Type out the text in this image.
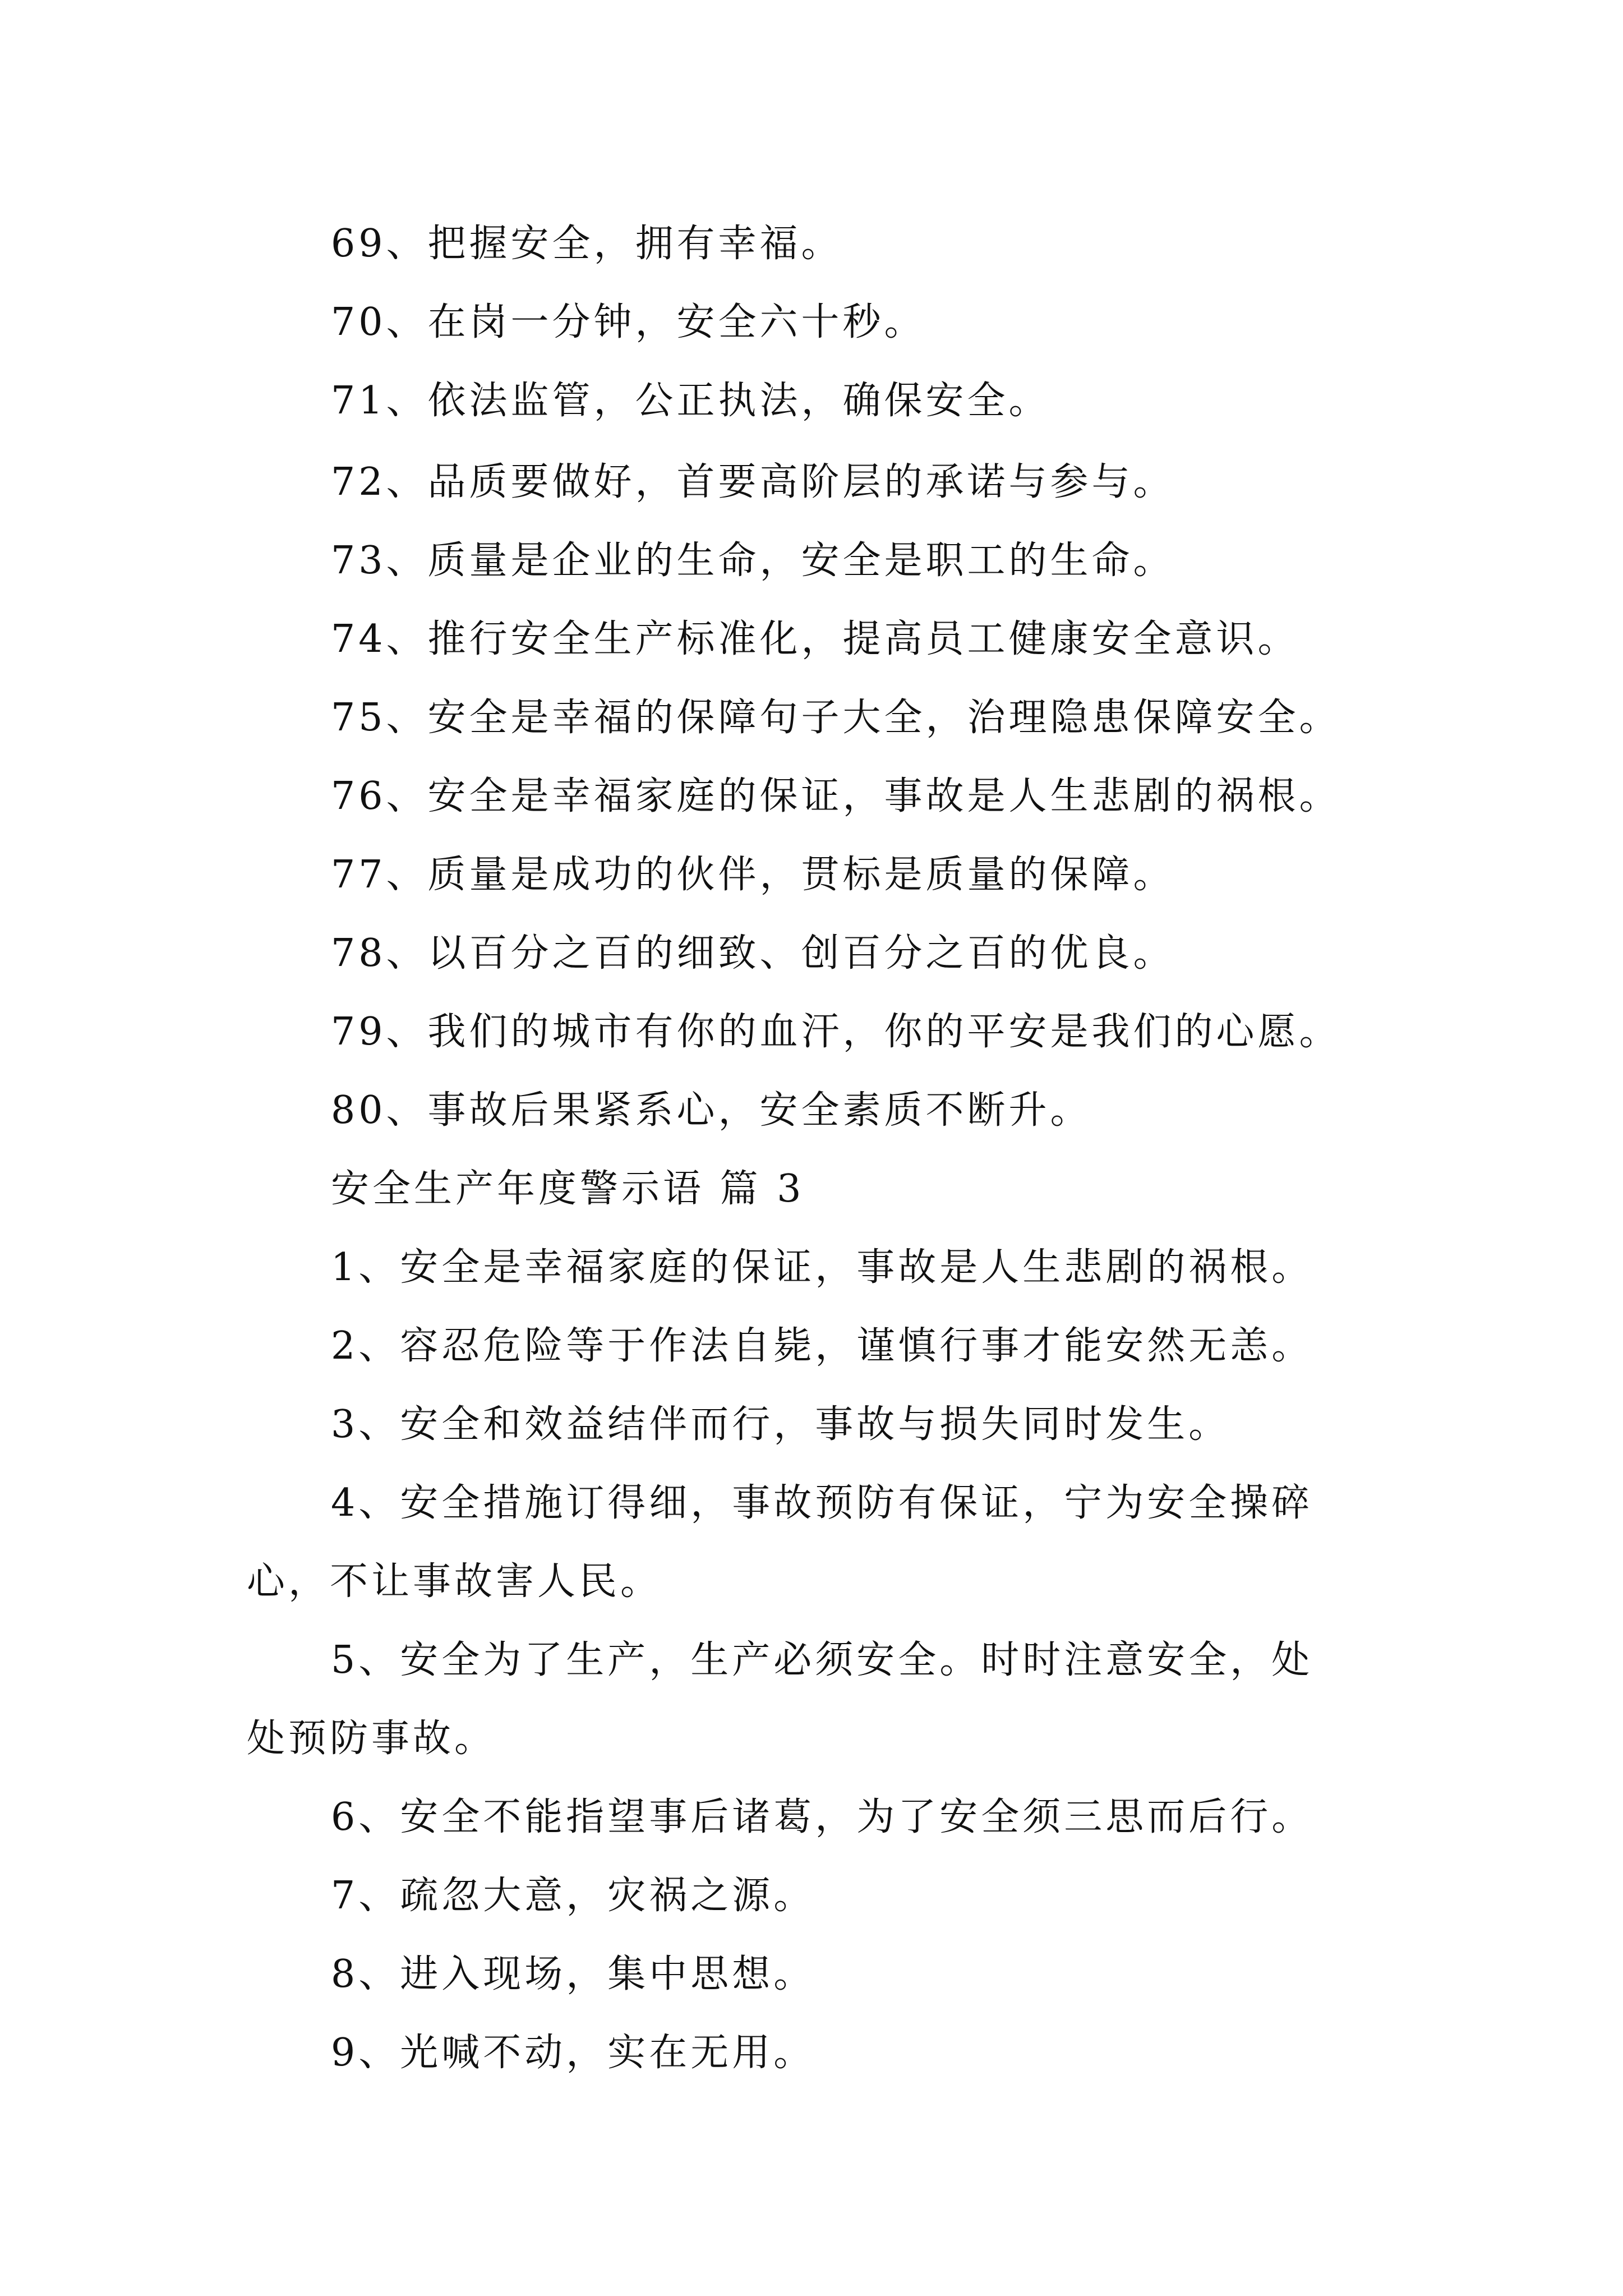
69、把握安全，拥有幸福。
70、在岗一分钟，安全六十秒。
71、依法监管，公正执法，确保安全。
72、品质要做好，首要高阶层的承诺与参与。
73、质量是企业的生命，安全是职工的生命。
74、推行安全生产标准化，提高员工健康安全意识。
75、安全是幸福的保障句子大全，治理隐患保障安全。
76、安全是幸福家庭的保证，事故是人生悲剧的祸根。
77、质量是成功的伙伴，贯标是质量的保障。
78、以百分之百的细致、创百分之百的优良。
79、我们的城市有你的血汗，你的平安是我们的心愿。
80、事故后果紧系心，安全素质不断升。
安全生产年度警示语 篇 3
1、安全是幸福家庭的保证，事故是人生悲剧的祸根。
2、容忍危险等于作法自毙，谨慎行事才能安然无恙。
3、安全和效益结伴而行，事故与损失同时发生。
4、安全措施订得细，事故预防有保证，宁为安全操碎
心，不让事故害人民。
5、安全为了生产，生产必须安全。时时注意安全，处
处预防事故。
6、安全不能指望事后诸葛，为了安全须三思而后行。
7、疏忽大意，灾祸之源。
8、进入现场，集中思想。
9、光喊不动，实在无用。
